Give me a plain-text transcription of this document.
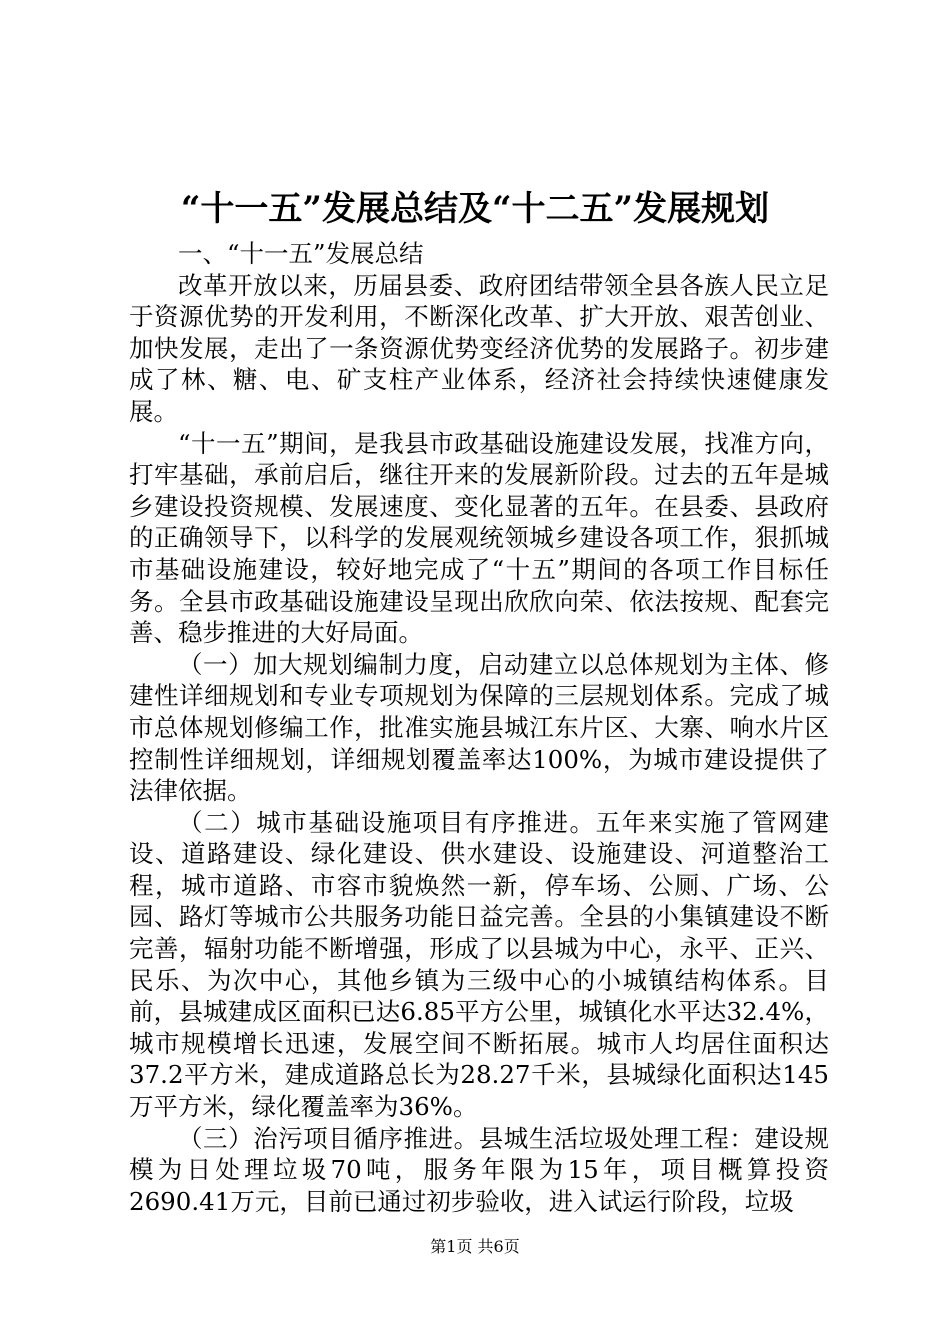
“十一五”发展总结及“十二五”发展规划

一、“十一五”发展总结

改革开放以来，历届县委、政府团结带领全县各族人民立足于资源优势的开发利用，不断深化改革、扩大开放、艰苦创业、加快发展，走出了一条资源优势变经济优势的发展路子。初步建成了林、糖、电、矿支柱产业体系，经济社会持续快速健康发展。

“十一五”期间，是我县市政基础设施建设发展，找准方向，打牢基础，承前启后，继往开来的发展新阶段。过去的五年是城乡建设投资规模、发展速度、变化显著的五年。在县委、县政府的正确领导下，以科学的发展观统领城乡建设各项工作，狠抓城市基础设施建设，较好地完成了“十五”期间的各项工作目标任务。全县市政基础设施建设呈现出欣欣向荣、依法按规、配套完善、稳步推进的大好局面。

（一）加大规划编制力度，启动建立以总体规划为主体、修建性详细规划和专业专项规划为保障的三层规划体系。完成了城市总体规划修编工作，批准实施县城江东片区、大寨、响水片区控制性详细规划，详细规划覆盖率达100%，为城市建设提供了法律依据。

（二）城市基础设施项目有序推进。五年来实施了管网建设、道路建设、绿化建设、供水建设、设施建设、河道整治工程，城市道路、市容市貌焕然一新，停车场、公厕、广场、公园、路灯等城市公共服务功能日益完善。全县的小集镇建设不断完善，辐射功能不断增强，形成了以县城为中心，永平、正兴、民乐、为次中心，其他乡镇为三级中心的小城镇结构体系。目前，县城建成区面积已达6.85平方公里，城镇化水平达32.4%，城市规模增长迅速，发展空间不断拓展。城市人均居住面积达37.2平方米，建成道路总长为28.27千米，县城绿化面积达145万平方米，绿化覆盖率为36%。

（三）治污项目循序推进。县城生活垃圾处理工程：建设规模为日处理垃圾70吨，服务年限为15年，项目概算投资2690.41万元，目前已通过初步验收，进入试运行阶段，垃圾

第1页 共6页
